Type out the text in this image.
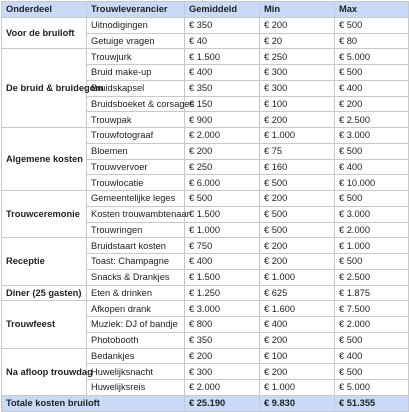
Onderdeel	Trouwleverancier	Gemiddeld	Min	Max
Voor de bruiloft	Uitnodigingen	€ 350	€ 200	€ 500
	Getuige vragen	€ 40	€ 20	€ 80
De bruid & bruidegom	Trouwjurk	€ 1.500	€ 250	€ 5.000
	Bruid make-up	€ 400	€ 300	€ 500
	Bruidskapsel	€ 350	€ 300	€ 400
	Bruidsboeket & corsages	€ 150	€ 100	€ 200
	Trouwpak	€ 900	€ 200	€ 2.500
Algemene kosten	Trouwfotograaf	€ 2.000	€ 1.000	€ 3.000
	Bloemen	€ 200	€ 75	€ 500
	Trouwvervoer	€ 250	€ 160	€ 400
	Trouwlocatie	€ 6.000	€ 500	€ 10.000
Trouwceremonie	Gemeentelijke leges	€ 500	€ 200	€ 500
	Kosten trouwambtenaar	€ 1.500	€ 500	€ 3.000
	Trouwringen	€ 1.000	€ 500	€ 2.000
Receptie	Bruidstaart kosten	€ 750	€ 200	€ 1.000
	Toast: Champagne	€ 400	€ 200	€ 500
	Snacks & Drankjes	€ 1.500	€ 1.000	€ 2.500
Diner (25 gasten)	Eten & drinken	€ 1.250	€ 625	€ 1.875
Trouwfeest	Afkopen drank	€ 3.000	€ 1.600	€ 7.500
	Muziek: DJ of bandje	€ 800	€ 400	€ 2.000
	Photobooth	€ 350	€ 200	€ 500
Na afloop trouwdag	Bedankjes	€ 200	€ 100	€ 400
	Huwelijksnacht	€ 300	€ 200	€ 500
	Huwelijksreis	€ 2.000	€ 1.000	€ 5.000
Totale kosten bruiloft		€ 25.190	€ 9.830	€ 51.355
